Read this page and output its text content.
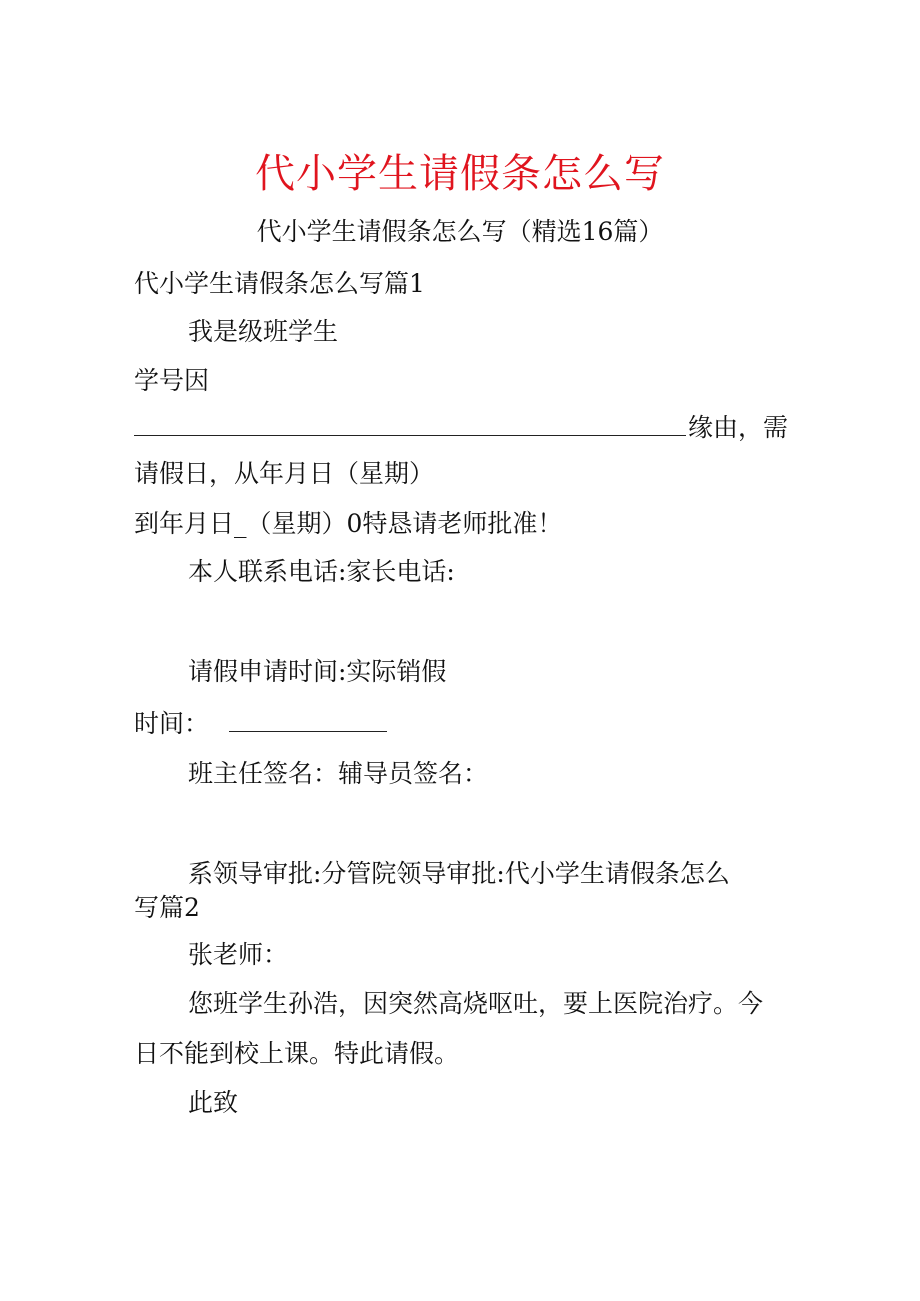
代小学生请假条怎么写
代小学生请假条怎么写（精选16篇）
代小学生请假条怎么写篇1
我是级班学生
学号因
缘由，需
请假日，从年月日（星期）
到年月日_（星期）0特恳请老师批准！
本人联系电话:家长电话:
请假申请时间:实际销假
时间：
班主任签名：辅导员签名：
系领导审批:分管院领导审批:代小学生请假条怎么
写篇2
张老师：
您班学生孙浩，因突然高烧呕吐，要上医院治疗。今
日不能到校上课。特此请假。
此致
